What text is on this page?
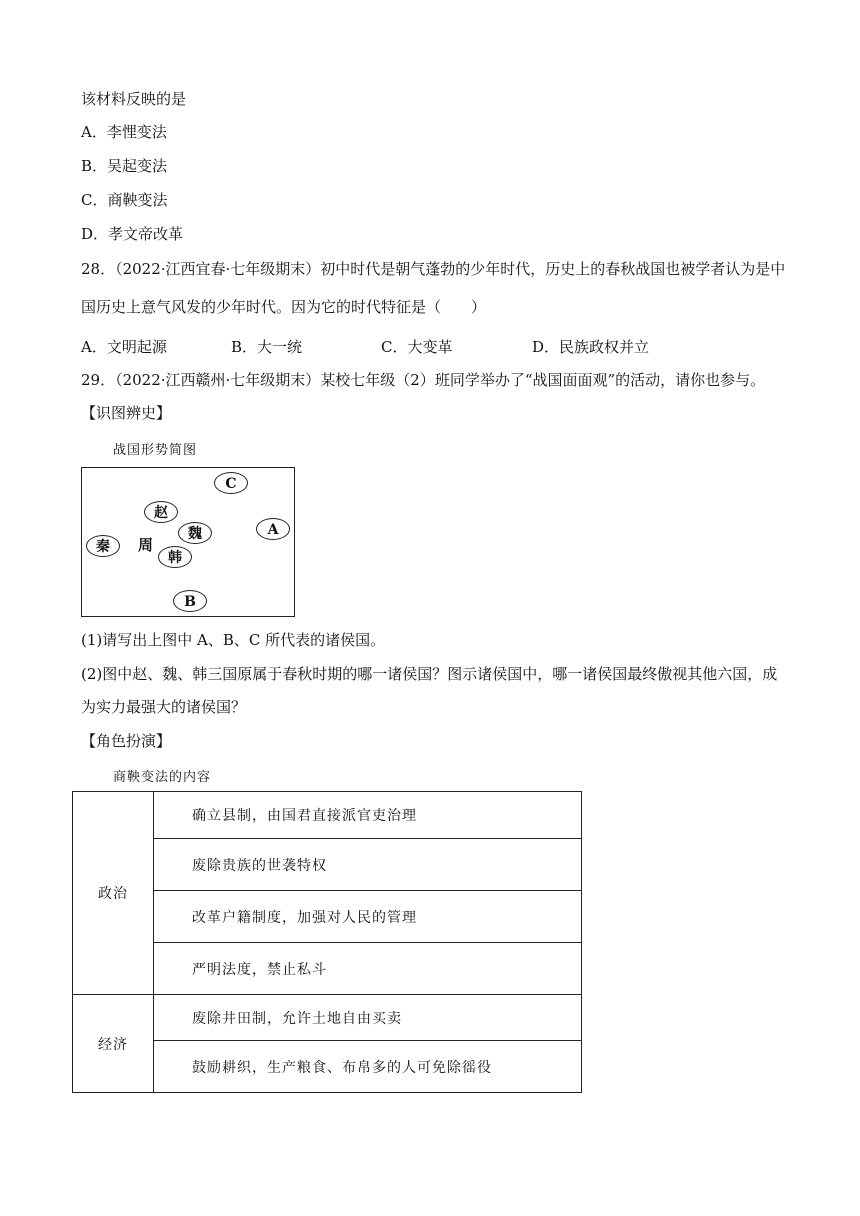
该材料反映的是
A．李悝变法
B．吴起变法
C．商鞅变法
D．孝文帝改革
28．（2022·江西宜春·七年级期末）初中时代是朝气蓬勃的少年时代，历史上的春秋战国也被学者认为是中
国历史上意气风发的少年时代。因为它的时代特征是（　　）
A．文明起源	B．大一统	C．大变革	D．民族政权并立
29．（2022·江西赣州·七年级期末）某校七年级（2）班同学举办了“战国面面观”的活动，请你也参与。
【识图辨史】
战国形势简图
C
赵
魏	A
秦	周
韩
B
(1)请写出上图中 A、B、C 所代表的诸侯国。
(2)图中赵、魏、韩三国原属于春秋时期的哪一诸侯国？图示诸侯国中，哪一诸侯国最终傲视其他六国，成
为实力最强大的诸侯国？
【角色扮演】
商鞅变法的内容
政治	确立县制，由国君直接派官吏治理
	废除贵族的世袭特权
	改革户籍制度，加强对人民的管理
	严明法度，禁止私斗
经济	废除井田制，允许土地自由买卖
	鼓励耕织，生产粮食、布帛多的人可免除徭役
